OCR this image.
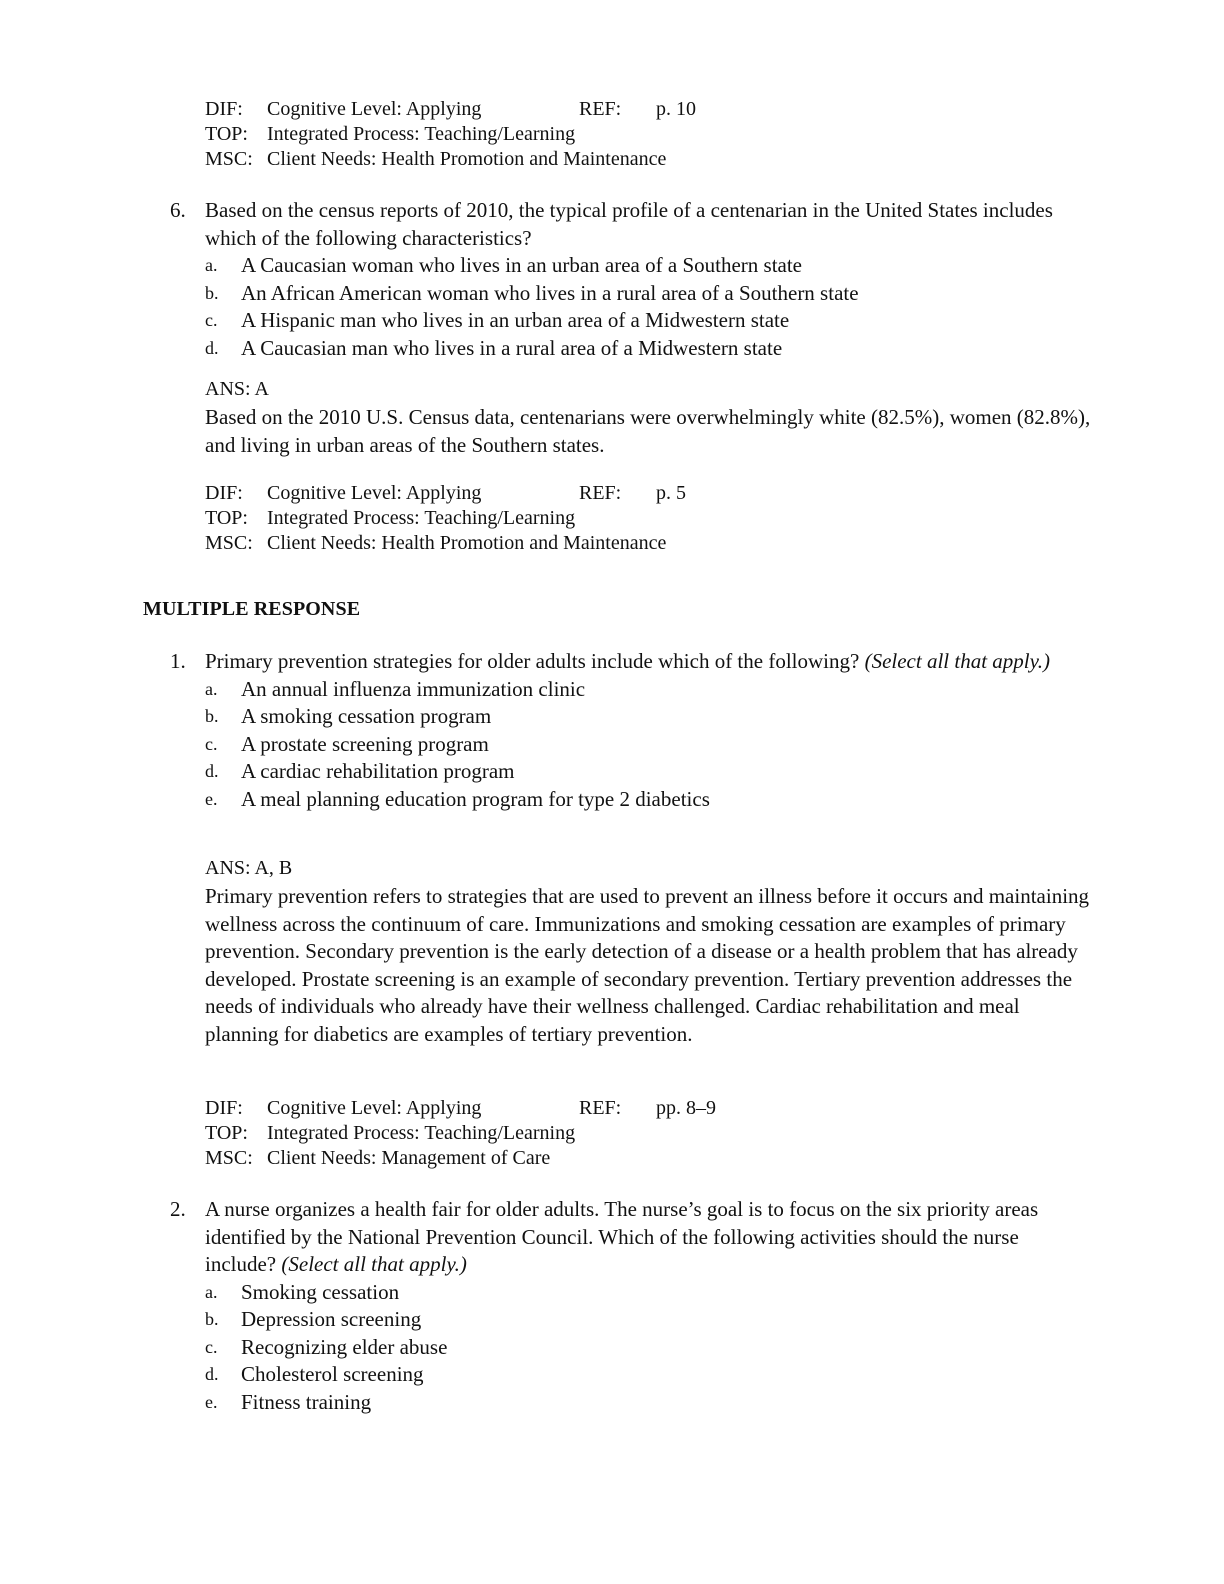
DIF:	Cognitive Level: Applying	REF:	p. 10
TOP: Integrated Process: Teaching/Learning
MSC: Client Needs: Health Promotion and Maintenance
6. Based on the census reports of 2010, the typical profile of a centenarian in the United States includes which of the following characteristics?
a. A Caucasian woman who lives in an urban area of a Southern state
b. An African American woman who lives in a rural area of a Southern state
c. A Hispanic man who lives in an urban area of a Midwestern state
d. A Caucasian man who lives in a rural area of a Midwestern state
ANS: A
Based on the 2010 U.S. Census data, centenarians were overwhelmingly white (82.5%), women (82.8%), and living in urban areas of the Southern states.
DIF:	Cognitive Level: Applying	REF:	p. 5
TOP: Integrated Process: Teaching/Learning
MSC: Client Needs: Health Promotion and Maintenance
MULTIPLE RESPONSE
1. Primary prevention strategies for older adults include which of the following? (Select all that apply.)
a. An annual influenza immunization clinic
b. A smoking cessation program
c. A prostate screening program
d. A cardiac rehabilitation program
e. A meal planning education program for type 2 diabetics
ANS: A, B
Primary prevention refers to strategies that are used to prevent an illness before it occurs and maintaining wellness across the continuum of care. Immunizations and smoking cessation are examples of primary prevention. Secondary prevention is the early detection of a disease or a health problem that has already developed. Prostate screening is an example of secondary prevention. Tertiary prevention addresses the needs of individuals who already have their wellness challenged. Cardiac rehabilitation and meal planning for diabetics are examples of tertiary prevention.
DIF:	Cognitive Level: Applying	REF:	pp. 8–9
TOP: Integrated Process: Teaching/Learning
MSC: Client Needs: Management of Care
2. A nurse organizes a health fair for older adults. The nurse’s goal is to focus on the six priority areas identified by the National Prevention Council. Which of the following activities should the nurse include? (Select all that apply.)
a. Smoking cessation
b. Depression screening
c. Recognizing elder abuse
d. Cholesterol screening
e. Fitness training
